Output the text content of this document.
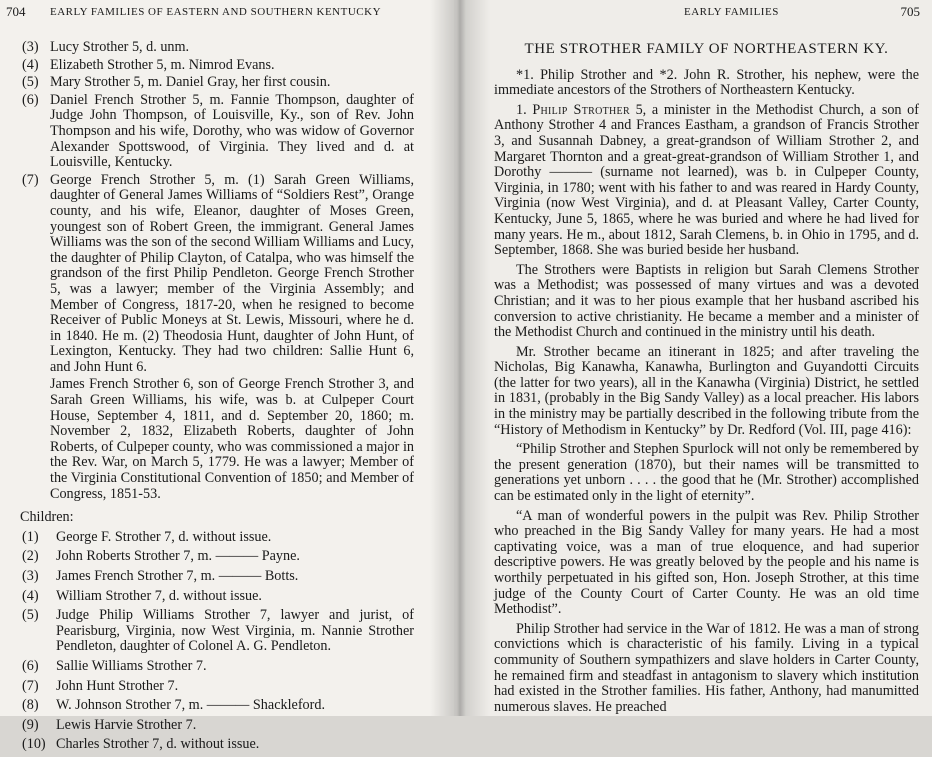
704 EARLY FAMILIES OF EASTERN AND SOUTHERN KENTUCKY
(3) Lucy Strother 5, d. unm.
(4) Elizabeth Strother 5, m. Nimrod Evans.
(5) Mary Strother 5, m. Daniel Gray, her first cousin.
(6) Daniel French Strother 5, m. Fannie Thompson, daughter of Judge John Thompson, of Louisville, Ky., son of Rev. John Thompson and his wife, Dorothy, who was widow of Governor Alexander Spottswood, of Virginia. They lived and d. at Louisville, Kentucky.
(7) George French Strother 5, m. (1) Sarah Green Williams, daughter of General James Williams of “Soldiers Rest”, Orange county, and his wife, Eleanor, daughter of Moses Green, youngest son of Robert Green, the immigrant. General James Williams was the son of the second William Williams and Lucy, the daughter of Philip Clayton, of Catalpa, who was himself the grandson of the first Philip Pendleton. George French Strother 5, was a lawyer; member of the Virginia Assembly; and Member of Congress, 1817-20, when he resigned to become Receiver of Public Moneys at St. Lewis, Missouri, where he d. in 1840. He m. (2) Theodosia Hunt, daughter of John Hunt, of Lexington, Kentucky. They had two children: Sallie Hunt 6, and John Hunt 6.
James French Strother 6, son of George French Strother 3, and Sarah Green Williams, his wife, was b. at Culpeper Court House, September 4, 1811, and d. September 20, 1860; m. November 2, 1832, Elizabeth Roberts, daughter of John Roberts, of Culpeper county, who was commissioned a major in the Rev. War, on March 5, 1779. He was a lawyer; Member of the Virginia Constitutional Convention of 1850; and Member of Congress, 1851-53.
Children:
(1)	George F. Strother 7, d. without issue.
(2)	John Roberts Strother 7, m. ——— Payne.
(3)	James French Strother 7, m. ——— Botts.
(4)	William Strother 7, d. without issue.
(5)	Judge Philip Williams Strother 7, lawyer and jurist, of Pearisburg, Virginia, now West Virginia, m. Nannie Strother Pendleton, daughter of Colonel A. G. Pendleton.
(6)	Sallie Williams Strother 7.
(7)	John Hunt Strother 7.
(8)	W. Johnson Strother 7, m. ——— Shackleford.
(9)	Lewis Harvie Strother 7.
(10) Charles Strother 7, d. without issue.
EARLY FAMILIES	705
THE STROTHER FAMILY OF NORTHEASTERN KY.

*1. Philip Strother and *2. John R. Strother, his nephew, were the immediate ancestors of the Strothers of Northeastern Kentucky.

1. Philip Strother 5, a minister in the Methodist Church, a son of Anthony Strother 4 and Frances Eastham, a grandson of Francis Strother 3, and Susannah Dabney, a great-grandson of William Strother 2, and Margaret Thornton and a great-great-grandson of William Strother 1, and Dorothy ——— (surname not learned), was b. in Culpeper County, Virginia, in 1780; went with his father to and was reared in Hardy County, Virginia (now West Virginia), and d. at Pleasant Valley, Carter County, Kentucky, June 5, 1865, where he was buried and where he had lived for many years. He m., about 1812, Sarah Clemens, b. in Ohio in 1795, and d. September, 1868. She was buried beside her husband.

The Strothers were Baptists in religion but Sarah Clemens Strother was a Methodist; was possessed of many virtues and was a devoted Christian; and it was to her pious example that her husband ascribed his conversion to active christianity. He became a member and a minister of the Methodist Church and continued in the ministry until his death.

Mr. Strother became an itinerant in 1825; and after traveling the Nicholas, Big Kanawha, Kanawha, Burlington and Guyandotti Circuits (the latter for two years), all in the Kanawha (Virginia) District, he settled in 1831, (probably in the Big Sandy Valley) as a local preacher. His labors in the ministry may be partially described in the following tribute from the “History of Methodism in Kentucky” by Dr. Redford (Vol. III, page 416):

“Philip Strother and Stephen Spurlock will not only be remembered by the present generation (1870), but their names will be transmitted to generations yet unborn . . . . the good that he (Mr. Strother) accomplished can be estimated only in the light of eternity”.

“A man of wonderful powers in the pulpit was Rev. Philip Strother who preached in the Big Sandy Valley for many years. He had a most captivating voice, was a man of true eloquence, and had superior descriptive powers. He was greatly beloved by the people and his name is worthily perpetuated in his gifted son, Hon. Joseph Strother, at this time judge of the County Court of Carter County. He was an old time Methodist”.

Philip Strother had service in the War of 1812. He was a man of strong convictions which is characteristic of his family. Living in a typical community of Southern sympathizers and slave holders in Carter County, he remained firm and steadfast in antagonism to slavery which institution had existed in the Strother families. His father, Anthony, had manumitted numerous slaves. He preached
